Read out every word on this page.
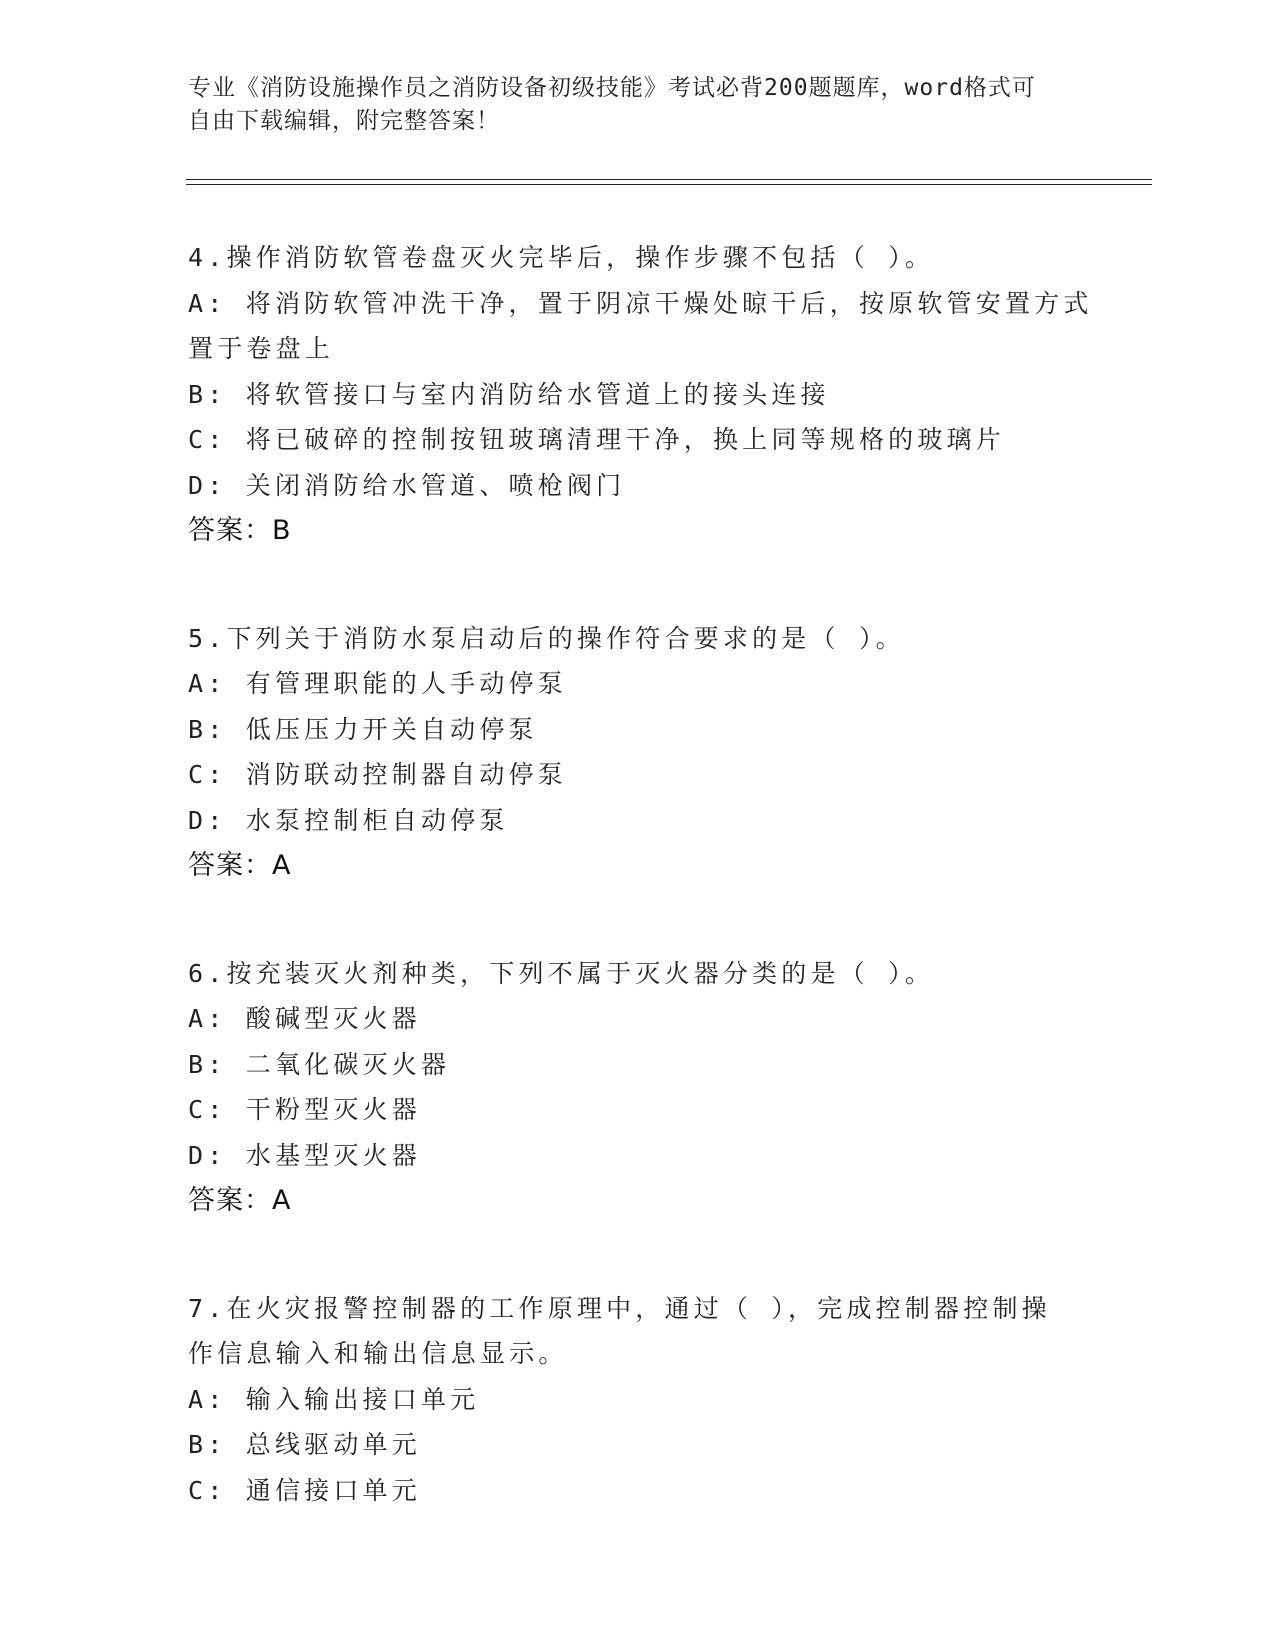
专业《消防设施操作员之消防设备初级技能》考试必背200题题库，word格式可
自由下载编辑，附完整答案！
4.操作消防软管卷盘灭火完毕后，操作步骤不包括（ ）。
A: 将消防软管冲洗干净，置于阴凉干燥处晾干后，按原软管安置方式
置于卷盘上
B: 将软管接口与室内消防给水管道上的接头连接
C: 将已破碎的控制按钮玻璃清理干净，换上同等规格的玻璃片
D: 关闭消防给水管道、喷枪阀门
答案：B
5.下列关于消防水泵启动后的操作符合要求的是（ ）。
A: 有管理职能的人手动停泵
B: 低压压力开关自动停泵
C: 消防联动控制器自动停泵
D: 水泵控制柜自动停泵
答案：A
6.按充装灭火剂种类，下列不属于灭火器分类的是（ ）。
A: 酸碱型灭火器
B: 二氧化碳灭火器
C: 干粉型灭火器
D: 水基型灭火器
答案：A
7.在火灾报警控制器的工作原理中，通过（ ），完成控制器控制操
作信息输入和输出信息显示。
A: 输入输出接口单元
B: 总线驱动单元
C: 通信接口单元
